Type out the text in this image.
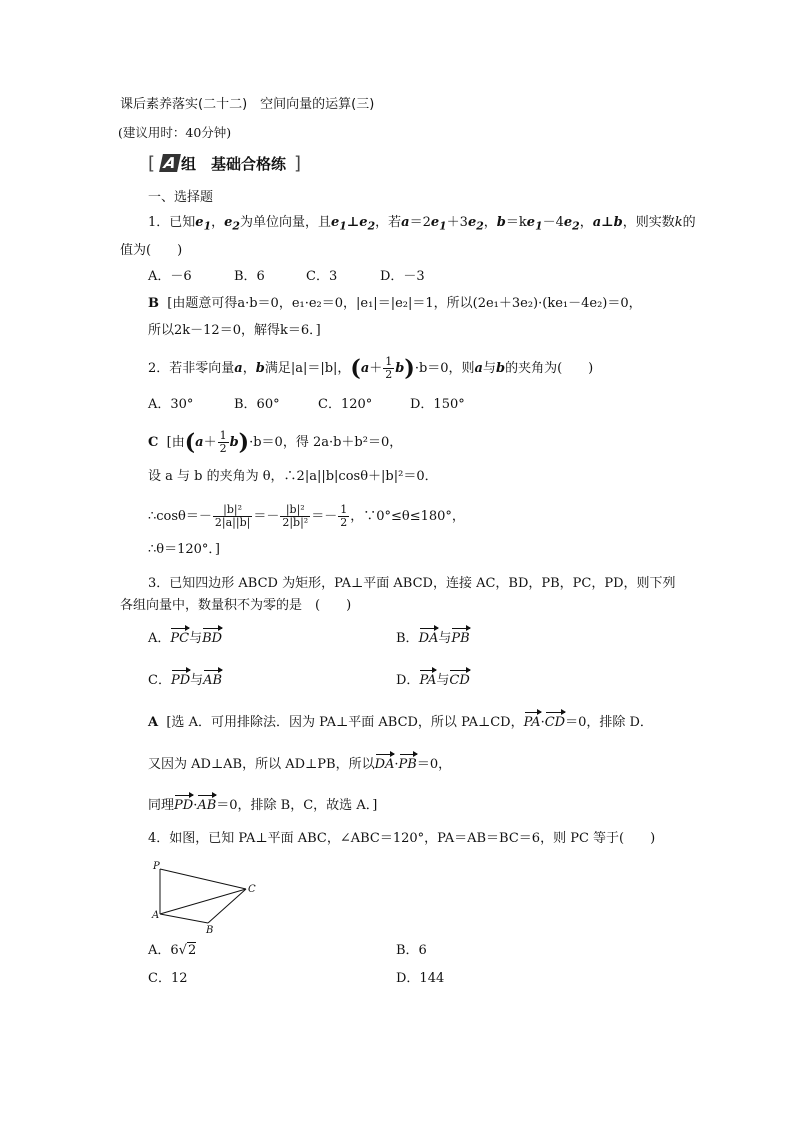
课后素养落实(二十二)　空间向量的运算(三)
(建议用时：40分钟)
[ A 组　基础合格练 ]
一、选择题
1．已知$e_1$，$e_2$为单位向量，且$e_1\perp e_2$，若$a=2e_1+3e_2$，$b=ke_1-4e_2$，a⊥b，则实数k的
值为(　　)
A．－6	B．6	C．3	D．－3
B [由题意可得a·b＝0，e₁·e₂＝0，|e₁|＝|e₂|＝1，所以(2e₁＋3e₂)·(ke₁－4e₂)＝0，
所以2k－12＝0，解得k＝6．]
2．若非零向量a，b满足|a|＝|b|，$(a+ \frac{1}{2} b)\cdot b=0$，则a与b的夹角为(　　)
A．30°	B．60°	C．120°	D．150°
C [由$(a+ \frac{1}{2} b)\cdot b=0$，得 2a·b＋b²＝0，
设 a 与 b 的夹角为 θ，∴2|a||b|cosθ＋|b|²＝0．
∴cosθ＝－ $\frac{\text{|b|²}}{2|a||b|} =- \frac{\text{|b|²}}{\text{2|b|²}} =- \frac{1}{2}$ ，∵0°≤θ≤180°，
∴θ＝120°．]
3．已知四边形 ABCD 为矩形，PA⊥平面 ABCD，连接 AC，BD，PB，PC，PD，则下列
各组向量中，数量积不为零的是　(　　)
A．PC与BD	B．DA与PB
C．PD与AB	D．PA与CD
A [选 A．可用排除法．因为 PA⊥平面 ABCD，所以 PA⊥CD，PA·CD＝0，排除 D．
又因为 AD⊥AB，所以 AD⊥PB，所以DA·PB＝0，
同理PD·AB＝0，排除 B，C，故选 A．]
4．如图，已知 PA⊥平面 ABC，∠ABC＝120°，PA＝AB＝BC＝6，则 PC 等于(　　)
P
C
A
B
A．6√2	B．6
C．12	D．144
